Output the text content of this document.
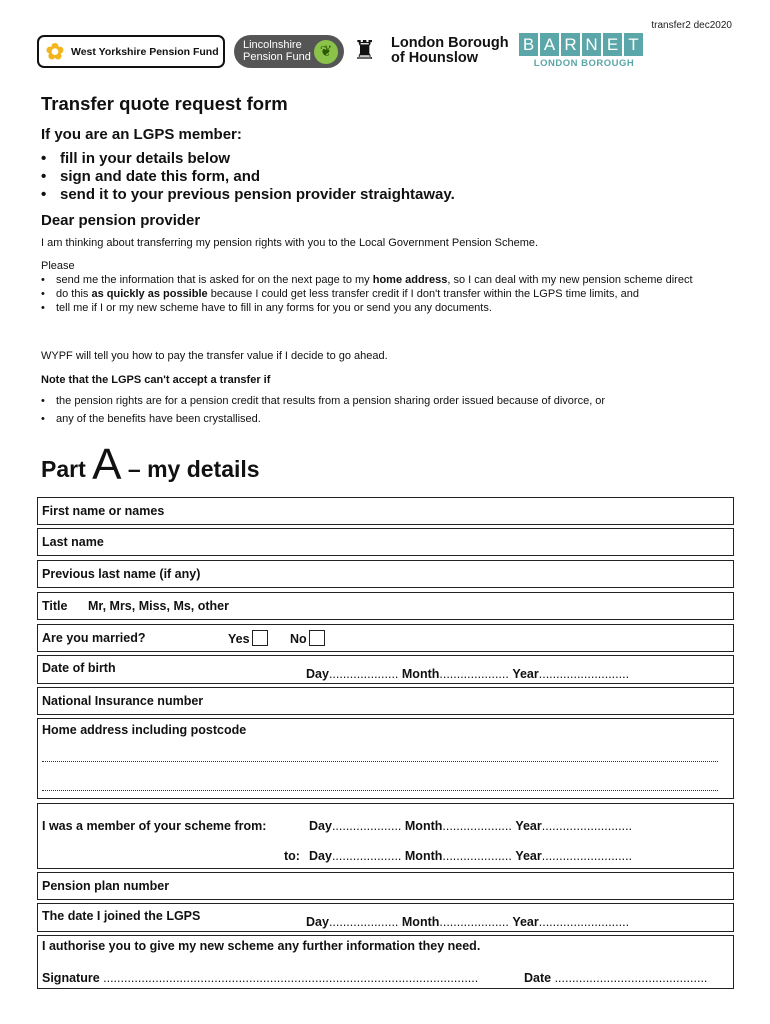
transfer2 dec2020
✿ West Yorkshire Pension Fund
Lincolnshire
Pension Fund ❦ ♜ London Borough
of Hounslow
B A R N E T
LONDON BOROUGH
Transfer quote request form
If you are an LGPS member:
• fill in your details below
• sign and date this form, and
• send it to your previous pension provider straightaway.
Dear pension provider
I am thinking about transferring my pension rights with you to the Local Government Pension Scheme.
Please
• send me the information that is asked for on the next page to my home address, so I can deal with my new pension scheme direct
• do this as quickly as possible because I could get less transfer credit if I don't transfer within the LGPS time limits, and
• tell me if I or my new scheme have to fill in any forms for you or send you any documents.
WYPF will tell you how to pay the transfer value if I decide to go ahead.
Note that the LGPS can't accept a transfer if
• the pension rights are for a pension credit that results from a pension sharing order issued because of divorce, or
• any of the benefits have been crystallised.
Part A – my details
First name or names
Last name
Previous last name (if any)
Title Mr, Mrs, Miss, Ms, other
Are you married?	Yes	No
Date of birth	Day.................... Month.................... Year..........................
National Insurance number
Home address including postcode
I was a member of your scheme from:	Day.................... Month.................... Year..........................
to: Day.................... Month.................... Year..........................
Pension plan number
The date I joined the LGPS	Day.................... Month.................... Year..........................
I authorise you to give my new scheme any further information they need.
Signature ............................................................................................................	Date ............................................
